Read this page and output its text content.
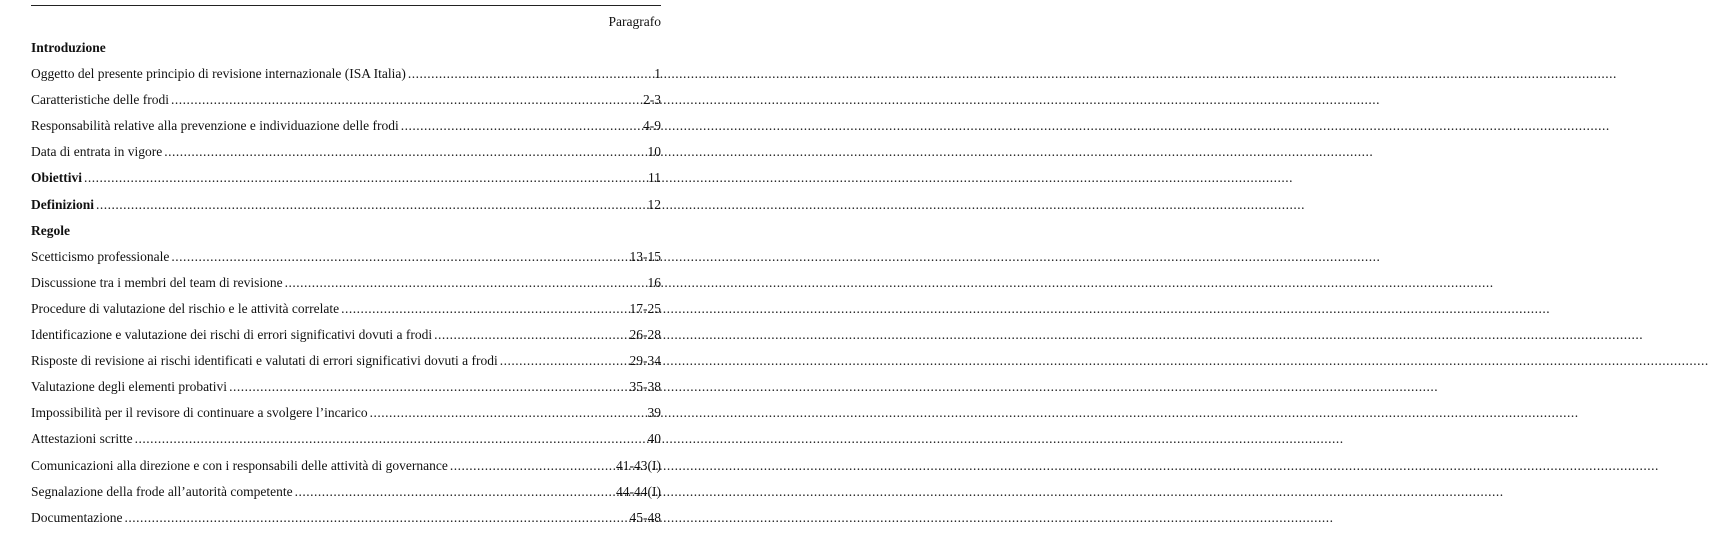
Paragrafo
Introduzione
Oggetto del presente principio di revisione internazionale (ISA Italia) .....	1
Caratteristiche delle frodi .....	2-3
Responsabilità relative alla prevenzione e individuazione delle frodi .....	4-9
Data di entrata in vigore .....	10
Obiettivi .....	11
Definizioni .....	12
Regole
Scetticismo professionale .....	13-15
Discussione tra i membri del team di revisione .....	16
Procedure di valutazione del rischio e le attività correlate .....	17-25
Identificazione e valutazione dei rischi di errori significativi dovuti a frodi .....	26-28
Risposte di revisione ai rischi identificati e valutati di errori significativi dovuti a frodi .....	29-34
Valutazione degli elementi probativi .....	35-38
Impossibilità per il revisore di continuare a svolgere l’incarico .....	39
Attestazioni scritte .....	40
Comunicazioni alla direzione e con i responsabili delle attività di governance .....	41-43(I)
Segnalazione della frode all’autorità competente .....	44-44(I)
Documentazione .....	45-48
